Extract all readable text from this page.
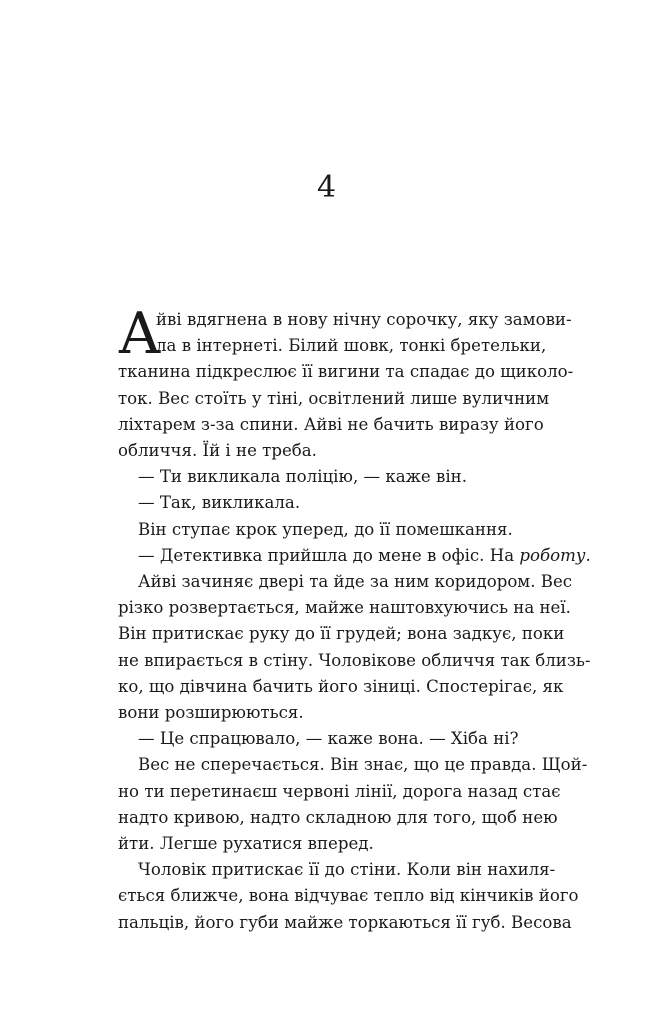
4
А
йві вдягнена в нову нічну сорочку, яку замови-
ла в інтернеті. Білий шовк, тонкі бретельки,
тканина підкреслює її вигини та спадає до щиколо-
ток. Вес стоїть у тіні, освітлений лише вуличним
ліхтарем з-за спини. Айві не бачить виразу його
обличчя. Їй і не треба.
— Ти викликала поліцію, — каже він.
— Так, викликала.
Він ступає крок уперед, до її помешкання.
— Детективка прийшла до мене в офіс. На роботу.
Айві зачиняє двері та йде за ним коридором. Вес
різко розвертається, майже наштовхуючись на неї.
Він притискає руку до її грудей; вона задкує, поки
не впирається в стіну. Чоловікове обличчя так близь-
ко, що дівчина бачить його зіниці. Спостерігає, як
вони розширюються.
— Це спрацювало, — каже вона. — Хіба ні?
Вес не сперечається. Він знає, що це правда. Щой-
но ти перетинаєш червоні лінії, дорога назад стає
надто кривою, надто складною для того, щоб нею
йти. Легше рухатися вперед.
Чоловік притискає її до стіни. Коли він нахиля-
ється ближче, вона відчуває тепло від кінчиків його
пальців, його губи майже торкаються її губ. Весова
